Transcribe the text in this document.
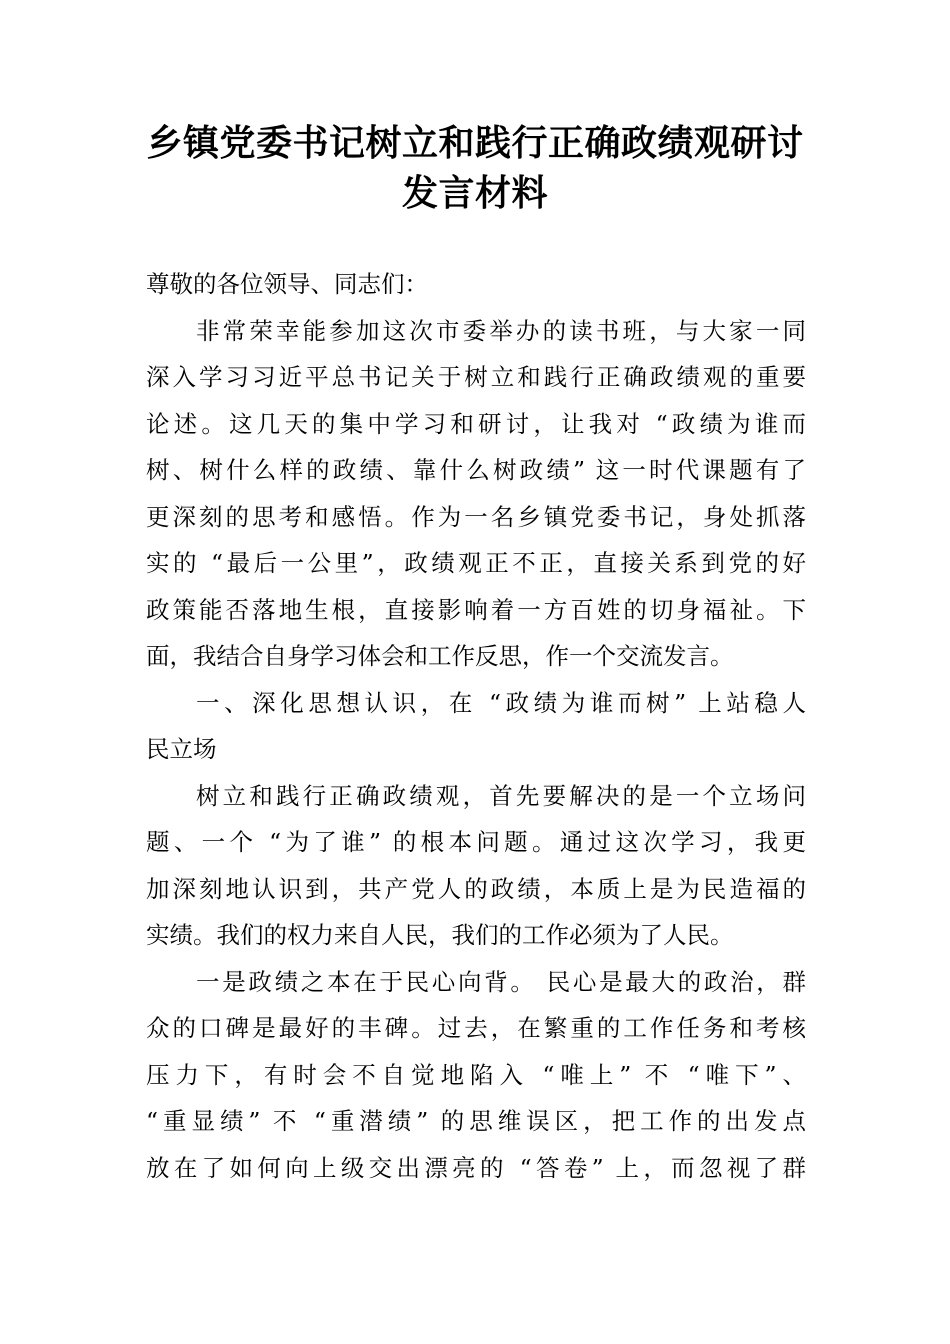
乡镇党委书记树立和践行正确政绩观研讨
发言材料
尊敬的各位领导、同志们：
非常荣幸能参加这次市委举办的读书班，与大家一同
深入学习习近平总书记关于树立和践行正确政绩观的重要
论述。这几天的集中学习和研讨，让我对 “政绩为谁而
树、树什么样的政绩、靠什么树政绩” 这一时代课题有了
更深刻的思考和感悟。作为一名乡镇党委书记，身处抓落
实的 “最后一公里”，政绩观正不正，直接关系到党的好
政策能否落地生根，直接影响着一方百姓的切身福祉。下
面，我结合自身学习体会和工作反思，作一个交流发言。
一、深化思想认识，在 “政绩为谁而树” 上站稳人
民立场
树立和践行正确政绩观，首先要解决的是一个立场问
题、一个 “为了谁” 的根本问题。通过这次学习，我更
加深刻地认识到，共产党人的政绩，本质上是为民造福的
实绩。我们的权力来自人民，我们的工作必须为了人民。
一是政绩之本在于民心向背。 民心是最大的政治，群
众的口碑是最好的丰碑。过去，在繁重的工作任务和考核
压力下，有时会不自觉地陷入 “唯上” 不 “唯下”、
“重显绩” 不 “重潜绩” 的思维误区，把工作的出发点
放在了如何向上级交出漂亮的 “答卷” 上，而忽视了群
